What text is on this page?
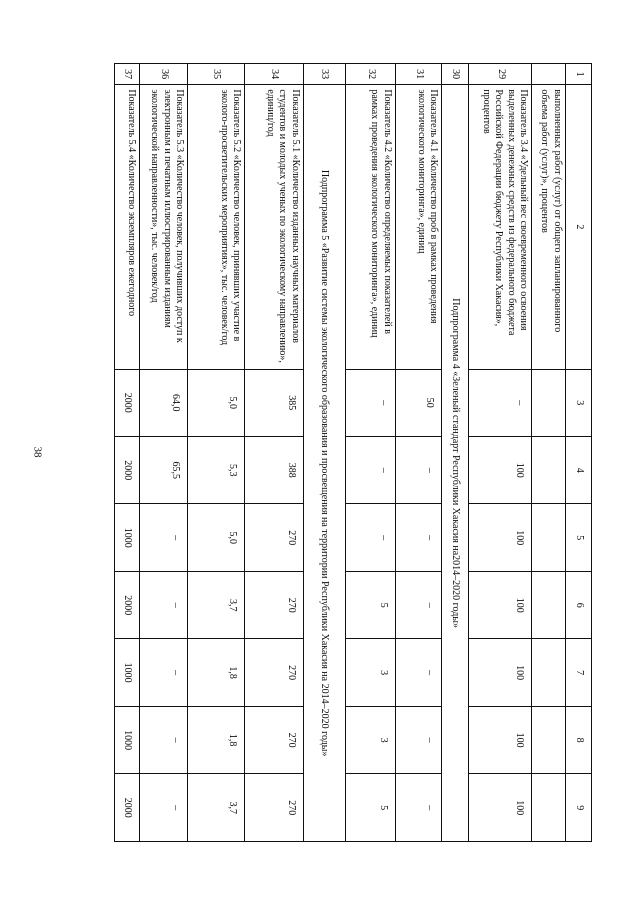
38
1	2	3	4	5	6	7	8	9
	выполненных работ (услуг) от общего запланированного объема работ (услуг)», процентов							
29	Показатель 3.4 «Удельный вес своевременного освоения выделенных денежных средств из федерального бюджета Российской Федерации бюджету Республики Хакасия», процентов	–	100	100	100	100	100	100
30	Подпрограмма 4 «Зеленый стандарт Республики Хакасия на2014–2020 годы»							
31	Показатель 4.1 «Количество проб в рамках проведения экологического мониторинга», единиц	50	–	–	–	–	–	–
32	Показатель 4.2 «Количество определяемых показателей в рамках проведения экологического мониторинга», единиц	–	–	–	5	3	3	5
33	Подпрограмма 5 «Развитие системы экологического образования и просвещения на территории Республики Хакасия на 2014–2020 годы»							
34	Показатель 5.1 «Количество изданных научных материалов студентов и молодых ученых по экологическому направлению», единиц/год	385	388	270	270	270	270	270
35	Показатель 5.2 «Количество человек, принявших участие в эколого-просветительских мероприятиях», тыс. человек/год	5,0	5,3	5,0	3,7	1,8	1,8	3,7
36	Показатель 5.3 «Количество человек, получивших доступ к электронным и печатным иллюстрированным изданиям экологической направленности», тыс. человек/год	64,0	65,5	–	–	–	–	–
37	Показатель 5.4 «Количество экземпляров ежегодного	2000	2000	1000	2000	1000	1000	2000
